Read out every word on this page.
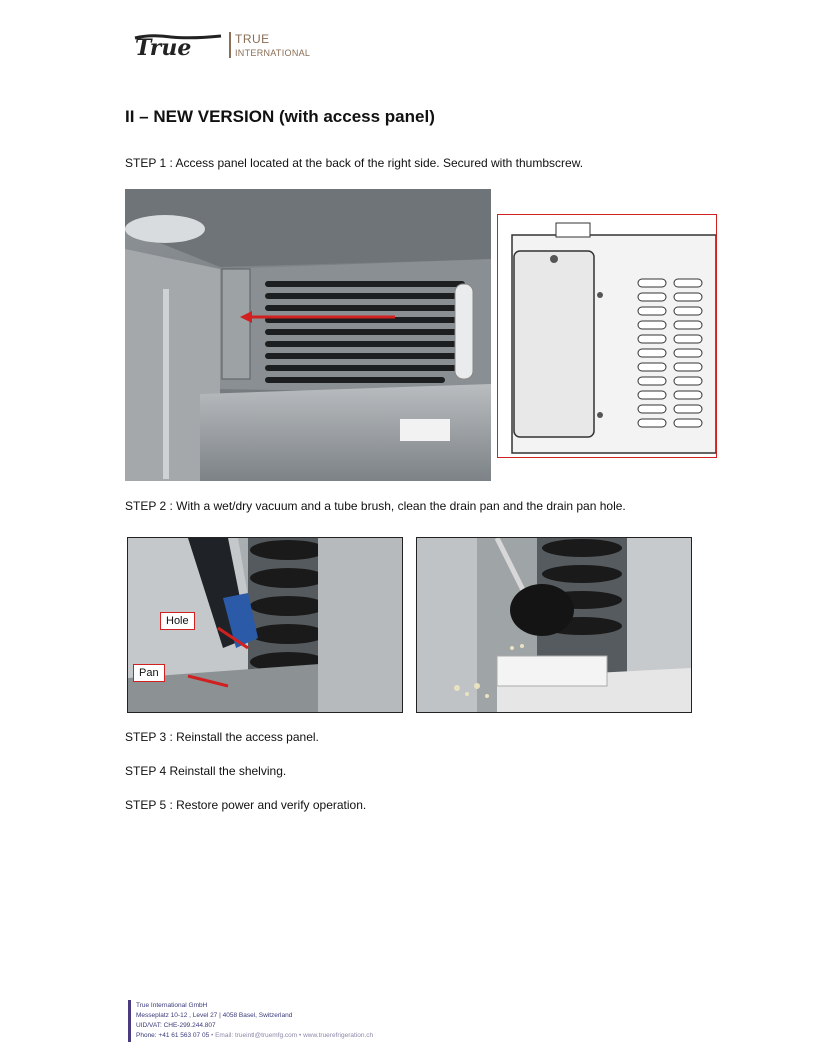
True	TRUE
INTERNATIONAL
II – NEW VERSION (with access panel)
STEP 1 : Access panel located at the back of the right side. Secured with thumbscrew.
STEP 2 : With a wet/dry vacuum and a tube brush, clean the drain pan and the drain pan hole.
Hole
Pan
STEP 3 : Reinstall the access panel.
STEP 4 Reinstall the shelving.
STEP 5 : Restore power and verify operation.
True International GmbH
Messeplatz 10-12 , Level 27 | 4058 Basel, Switzerland
UID/VAT: CHE-299.244.807
Phone: +41 61 563 07 05 • Email: trueintl@truemfg.com • www.truerefrigeration.ch
